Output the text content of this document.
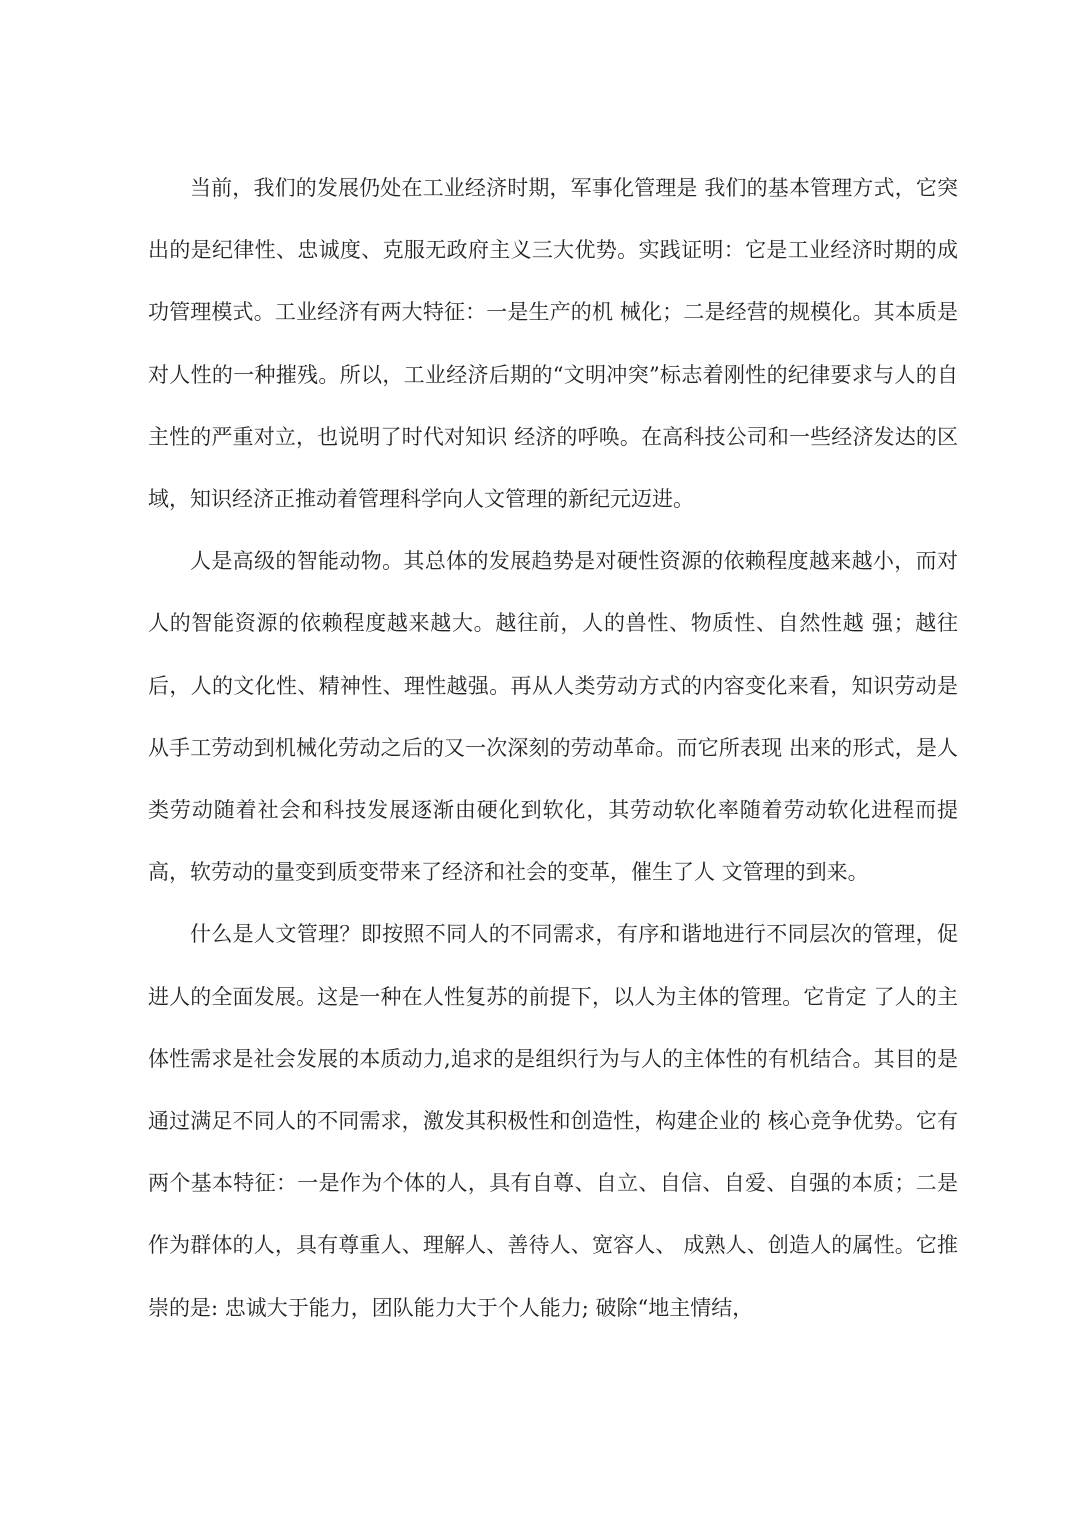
当前，我们的发展仍处在工业经济时期，军事化管理是 我们的基本管理方式，它突出的是纪律性、忠诚度、克服无政府主义三大优势。实践证明：它是工业经济时期的成功管理模式。工业经济有两大特征：一是生产的机 械化；二是经营的规模化。其本质是对人性的一种摧残。所以，工业经济后期的“文明冲突”标志着刚性的纪律要求与人的自主性的严重对立，也说明了时代对知识 经济的呼唤。在高科技公司和一些经济发达的区域，知识经济正推动着管理科学向人文管理的新纪元迈进。

人是高级的智能动物。其总体的发展趋势是对硬性资源的依赖程度越来越小，而对人的智能资源的依赖程度越来越大。越往前，人的兽性、物质性、自然性越 强；越往后，人的文化性、精神性、理性越强。再从人类劳动方式的内容变化来看，知识劳动是从手工劳动到机械化劳动之后的又一次深刻的劳动革命。而它所表现 出来的形式，是人类劳动随着社会和科技发展逐渐由硬化到软化，其劳动软化率随着劳动软化进程而提高，软劳动的量变到质变带来了经济和社会的变革，催生了人 文管理的到来。

什么是人文管理？即按照不同人的不同需求，有序和谐地进行不同层次的管理，促进人的全面发展。这是一种在人性复苏的前提下，以人为主体的管理。它肯定 了人的主体性需求是社会发展的本质动力,追求的是组织行为与人的主体性的有机结合。其目的是通过满足不同人的不同需求，激发其积极性和创造性，构建企业的 核心竞争优势。它有两个基本特征：一是作为个体的人，具有自尊、自立、自信、自爱、自强的本质；二是作为群体的人，具有尊重人、理解人、善待人、宽容人、 成熟人、创造人的属性。它推崇的是: 忠诚大于能力，团队能力大于个人能力; 破除“地主情结，
